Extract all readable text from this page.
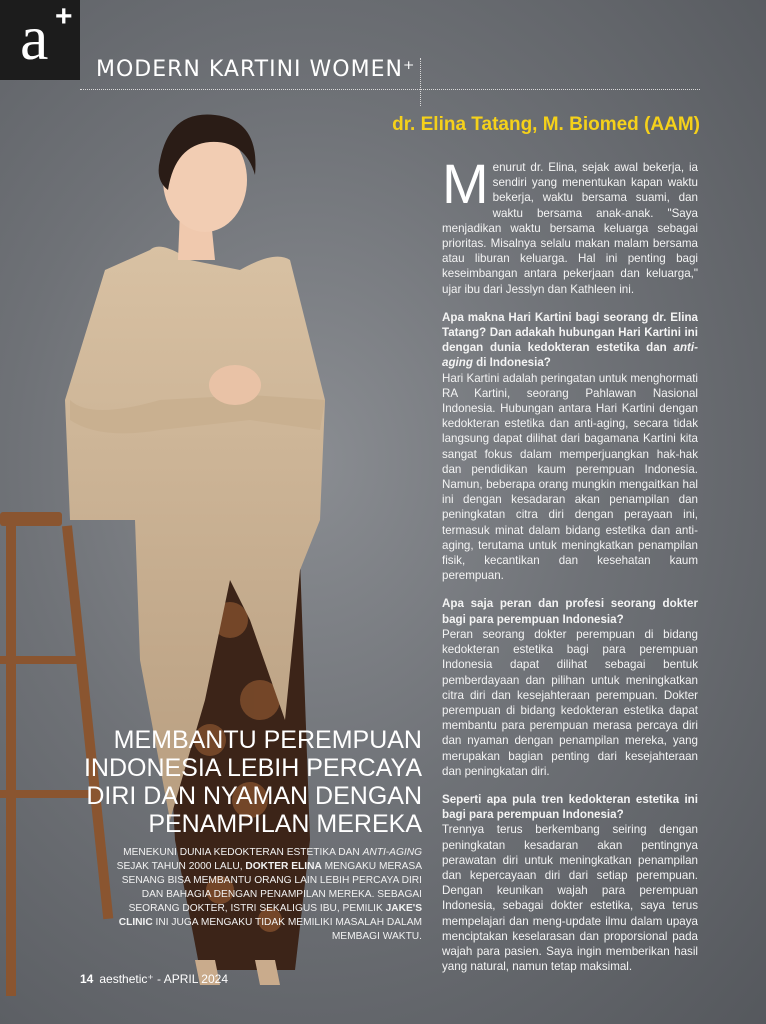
a +
MODERN KARTINI WOMEN⁺
dr. Elina Tatang, M. Biomed (AAM)

Menurut dr. Elina, sejak awal bekerja, ia sendiri yang menentukan kapan waktu bekerja, waktu bersama suami, dan waktu bersama anak-anak. "Saya menjadikan waktu bersama keluarga sebagai prioritas. Misalnya selalu makan malam bersama atau liburan keluarga. Hal ini penting bagi keseimbangan antara pekerjaan dan keluarga," ujar ibu dari Jesslyn dan Kathleen ini.

Apa makna Hari Kartini bagi seorang dr. Elina Tatang? Dan adakah hubungan Hari Kartini ini dengan dunia kedokteran estetika dan anti-aging di Indonesia?

Hari Kartini adalah peringatan untuk menghormati RA Kartini, seorang Pahlawan Nasional Indonesia. Hubungan antara Hari Kartini dengan kedokteran estetika dan anti-aging, secara tidak langsung dapat dilihat dari bagamana Kartini kita sangat fokus dalam memperjuangkan hak-hak dan pendidikan kaum perempuan Indonesia. Namun, beberapa orang mungkin mengaitkan hal ini dengan kesadaran akan penampilan dan peningkatan citra diri dengan perayaan ini, termasuk minat dalam bidang estetika dan anti-aging, terutama untuk meningkatkan penampilan fisik, kecantikan dan kesehatan kaum perempuan.

Apa saja peran dan profesi seorang dokter bagi para perempuan Indonesia?

Peran seorang dokter perempuan di bidang kedokteran estetika bagi para perempuan Indonesia dapat dilihat sebagai bentuk pemberdayaan dan pilihan untuk meningkatkan citra diri dan kesejahteraan perempuan. Dokter perempuan di bidang kedokteran estetika dapat membantu para perempuan merasa percaya diri dan nyaman dengan penampilan mereka, yang merupakan bagian penting dari kesejahteraan dan peningkatan diri.

Seperti apa pula tren kedokteran estetika ini bagi para perempuan Indonesia?

Trennya terus berkembang seiring dengan peningkatan kesadaran akan pentingnya perawatan diri untuk meningkatkan penampilan dan kepercayaan diri dari setiap perempuan. Dengan keunikan wajah para perempuan Indonesia, sebagai dokter estetika, saya terus mempelajari dan meng-update ilmu dalam upaya menciptakan keselarasan dan proporsional pada wajah para pasien. Saya ingin memberikan hasil yang natural, namun tetap maksimal.

MEMBANTU PEREMPUAN INDONESIA LEBIH PERCAYA DIRI DAN NYAMAN DENGAN PENAMPILAN MEREKA
MENEKUNI DUNIA KEDOKTERAN ESTETIKA DAN ANTI-AGING SEJAK TAHUN 2000 LALU, DOKTER ELINA MENGAKU MERASA SENANG BISA MEMBANTU ORANG LAIN LEBIH PERCAYA DIRI DAN BAHAGIA DENGAN PENAMPILAN MEREKA. SEBAGAI SEORANG DOKTER, ISTRI SEKALIGUS IBU, PEMILIK JAKE'S CLINIC INI JUGA MENGAKU TIDAK MEMILIKI MASALAH DALAM MEMBAGI WAKTU.
14 aesthetic⁺ - APRIL 2024
